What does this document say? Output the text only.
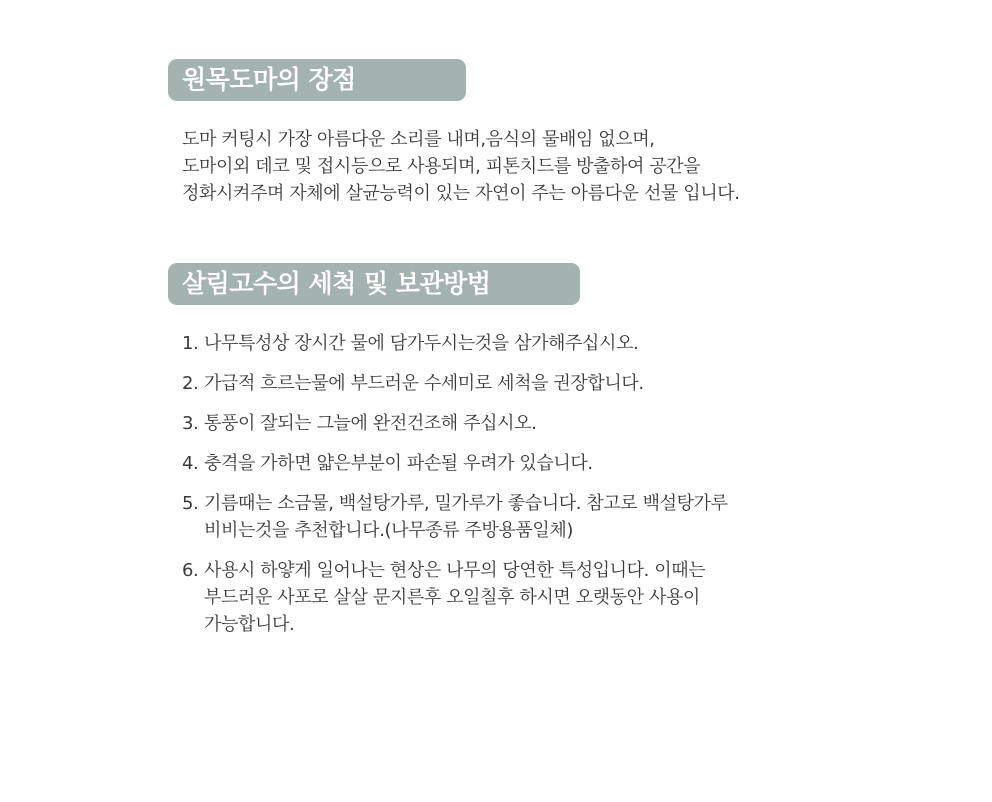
원목도마의 장점
도마 커팅시 가장 아름다운 소리를 내며,음식의 물배임 없으며,
도마이외 데코 및 접시등으로 사용되며, 피톤치드를 방출하여 공간을
정화시켜주며 자체에 살균능력이 있는 자연이 주는 아름다운 선물 입니다.
살림고수의 세척 및 보관방법
1. 나무특성상 장시간 물에 담가두시는것을 삼가해주십시오.
2. 가급적 흐르는물에 부드러운 수세미로 세척을 권장합니다.
3. 통풍이 잘되는 그늘에 완전건조해 주십시오.
4. 충격을 가하면 얇은부분이 파손될 우려가 있습니다.
5. 기름때는 소금물, 백설탕가루, 밀가루가 좋습니다. 참고로 백설탕가루
비비는것을 추천합니다.(나무종류 주방용품일체)
6. 사용시 하얗게 일어나는 현상은 나무의 당연한 특성입니다. 이때는
부드러운 사포로 살살 문지른후 오일칠후 하시면 오랫동안 사용이
가능합니다.
